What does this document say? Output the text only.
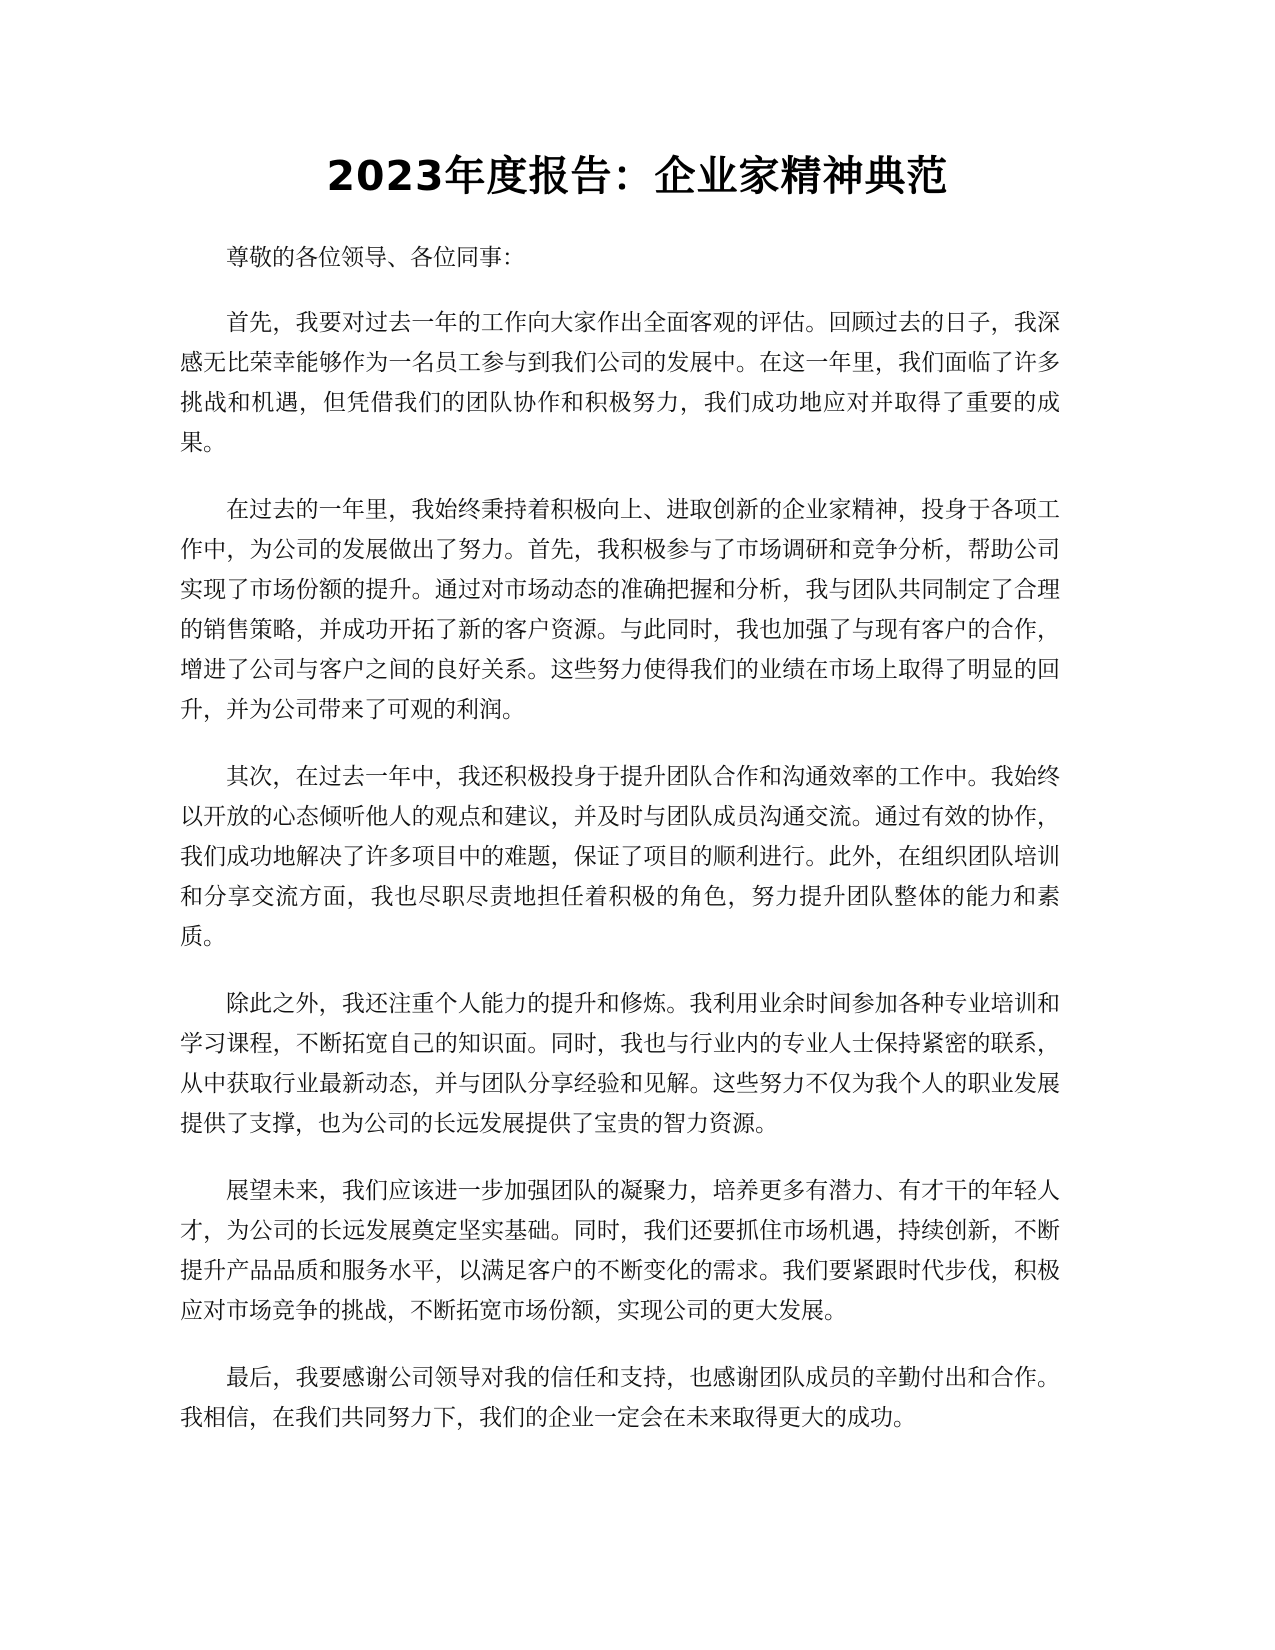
2023年度报告：企业家精神典范

尊敬的各位领导、各位同事：

首先，我要对过去一年的工作向大家作出全面客观的评估。回顾过去的日子，我深感无比荣幸能够作为一名员工参与到我们公司的发展中。在这一年里，我们面临了许多挑战和机遇，但凭借我们的团队协作和积极努力，我们成功地应对并取得了重要的成果。

在过去的一年里，我始终秉持着积极向上、进取创新的企业家精神，投身于各项工作中，为公司的发展做出了努力。首先，我积极参与了市场调研和竞争分析，帮助公司实现了市场份额的提升。通过对市场动态的准确把握和分析，我与团队共同制定了合理的销售策略，并成功开拓了新的客户资源。与此同时，我也加强了与现有客户的合作，增进了公司与客户之间的良好关系。这些努力使得我们的业绩在市场上取得了明显的回升，并为公司带来了可观的利润。

其次，在过去一年中，我还积极投身于提升团队合作和沟通效率的工作中。我始终以开放的心态倾听他人的观点和建议，并及时与团队成员沟通交流。通过有效的协作，我们成功地解决了许多项目中的难题，保证了项目的顺利进行。此外，在组织团队培训和分享交流方面，我也尽职尽责地担任着积极的角色，努力提升团队整体的能力和素质。

除此之外，我还注重个人能力的提升和修炼。我利用业余时间参加各种专业培训和学习课程，不断拓宽自己的知识面。同时，我也与行业内的专业人士保持紧密的联系，从中获取行业最新动态，并与团队分享经验和见解。这些努力不仅为我个人的职业发展提供了支撑，也为公司的长远发展提供了宝贵的智力资源。

展望未来，我们应该进一步加强团队的凝聚力，培养更多有潜力、有才干的年轻人才，为公司的长远发展奠定坚实基础。同时，我们还要抓住市场机遇，持续创新，不断提升产品品质和服务水平，以满足客户的不断变化的需求。我们要紧跟时代步伐，积极应对市场竞争的挑战，不断拓宽市场份额，实现公司的更大发展。

最后，我要感谢公司领导对我的信任和支持，也感谢团队成员的辛勤付出和合作。我相信，在我们共同努力下，我们的企业一定会在未来取得更大的成功。
